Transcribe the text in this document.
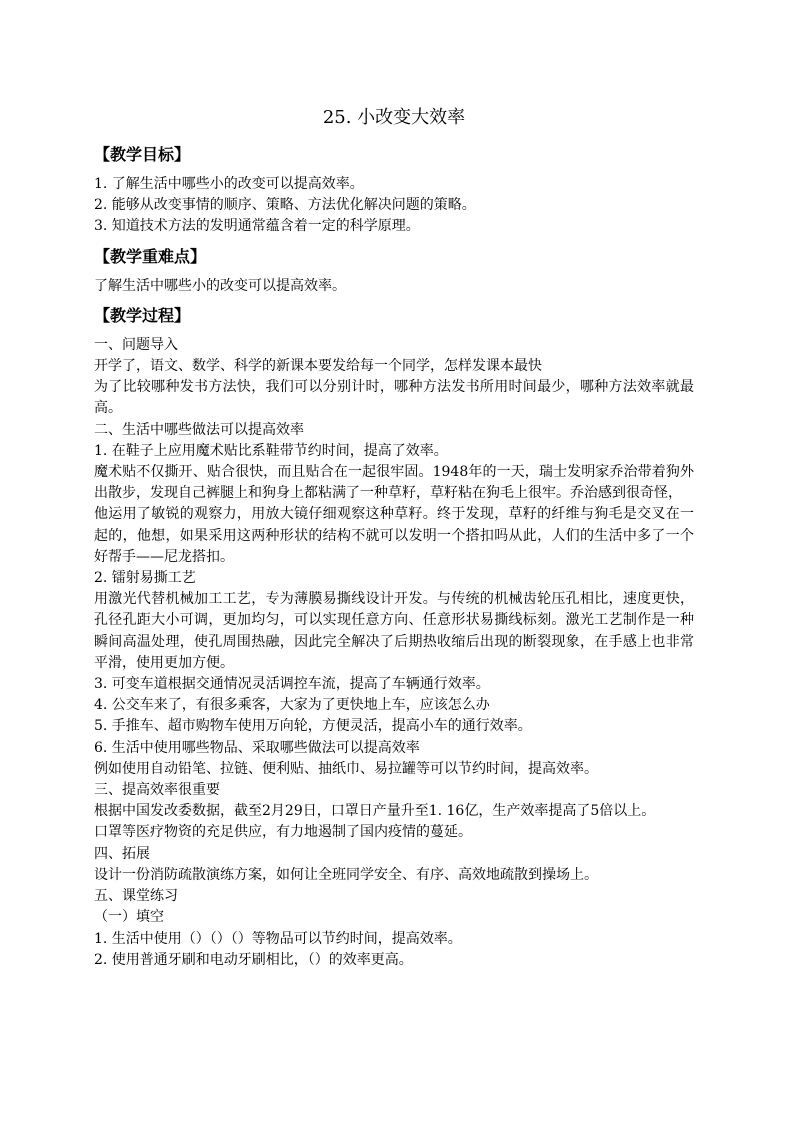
25. 小改变大效率
【教学目标】

1. 了解生活中哪些小的改变可以提高效率。

2. 能够从改变事情的顺序、策略、方法优化解决问题的策略。

3. 知道技术方法的发明通常蕴含着一定的科学原理。

【教学重难点】

了解生活中哪些小的改变可以提高效率。

【教学过程】

一、问题导入

开学了，语文、数学、科学的新课本要发给每一个同学，怎样发课本最快

为了比较哪种发书方法快，我们可以分别计时，哪种方法发书所用时间最少，哪种方法效率就最高。

二、生活中哪些做法可以提高效率

1. 在鞋子上应用魔术贴比系鞋带节约时间，提高了效率。

魔术贴不仅撕开、贴合很快，而且贴合在一起很牢固。1948年的一天，瑞士发明家乔治带着狗外出散步，发现自己裤腿上和狗身上都粘满了一种草籽，草籽粘在狗毛上很牢。乔治感到很奇怪，

他运用了敏锐的观察力，用放大镜仔细观察这种草籽。终于发现，草籽的纤维与狗毛是交叉在一起的，他想，如果采用这两种形状的结构不就可以发明一个搭扣吗从此，人们的生活中多了一个好帮手——尼龙搭扣。

2. 镭射易撕工艺

用激光代替机械加工工艺，专为薄膜易撕线设计开发。与传统的机械齿轮压孔相比，速度更快，孔径孔距大小可调，更加均匀，可以实现任意方向、任意形状易撕线标刻。激光工艺制作是一种瞬间高温处理，使孔周围热融，因此完全解决了后期热收缩后出现的断裂现象，在手感上也非常平滑，使用更加方便。

3. 可变车道根据交通情况灵活调控车流，提高了车辆通行效率。

4. 公交车来了，有很多乘客，大家为了更快地上车，应该怎么办

5. 手推车、超市购物车使用万向轮，方便灵活，提高小车的通行效率。

6. 生活中使用哪些物品、采取哪些做法可以提高效率

例如使用自动铅笔、拉链、便利贴、抽纸巾、易拉罐等可以节约时间，提高效率。

三、提高效率很重要

根据中国发改委数据，截至2月29日，口罩日产量升至1. 16亿，生产效率提高了5倍以上。

口罩等医疗物资的充足供应，有力地遏制了国内疫情的蔓延。

四、拓展

设计一份消防疏散演练方案，如何让全班同学安全、有序、高效地疏散到操场上。

五、课堂练习

（一）填空

1. 生活中使用（）（）（）等物品可以节约时间，提高效率。

2. 使用普通牙刷和电动牙刷相比，（）的效率更高。
